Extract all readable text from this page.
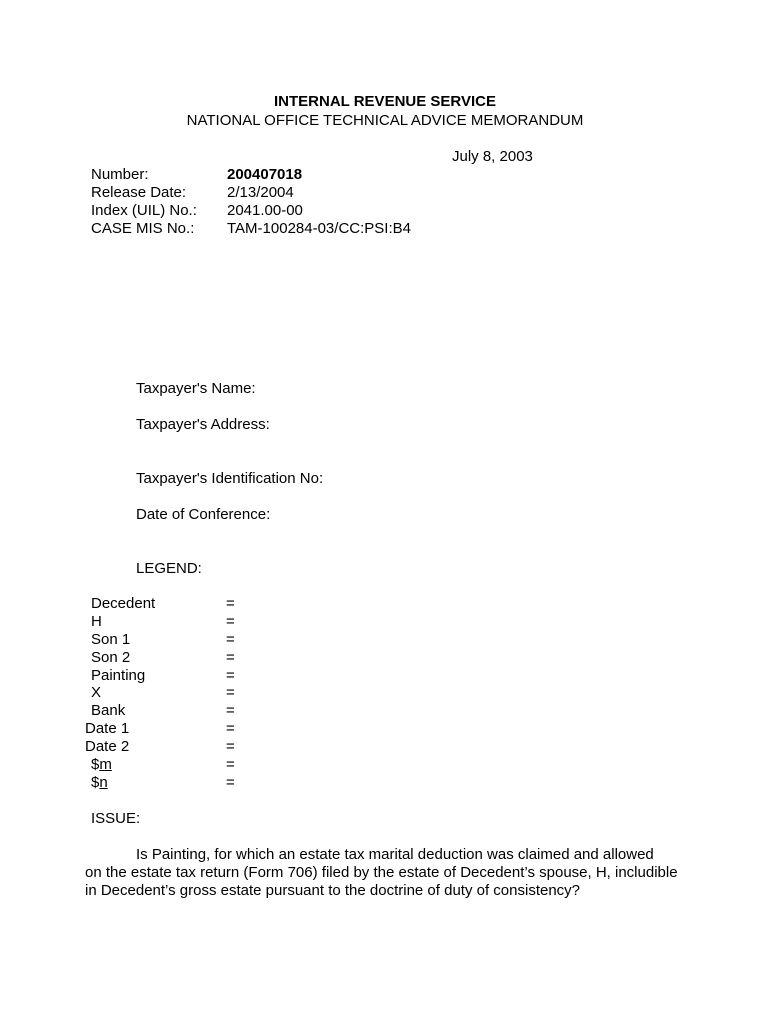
INTERNAL REVENUE SERVICE
NATIONAL OFFICE TECHNICAL ADVICE MEMORANDUM
July 8, 2003
Number:	200407018
Release Date:	2/13/2004
Index (UIL) No.: 2041.00-00
CASE MIS No.: TAM-100284-03/CC:PSI:B4
Taxpayer's Name:
Taxpayer's Address:
Taxpayer's Identification No:
Date of Conference:
LEGEND:
Decedent	=
H	=
Son 1	=
Son 2	=
Painting	=
X	=
Bank	=
Date 1	=
Date 2	=
$m	=
$n	=
ISSUE:
Is Painting, for which an estate tax marital deduction was claimed and allowed
on the estate tax return (Form 706) filed by the estate of Decedent’s spouse, H, includible in Decedent’s gross estate pursuant to the doctrine of duty of consistency?
